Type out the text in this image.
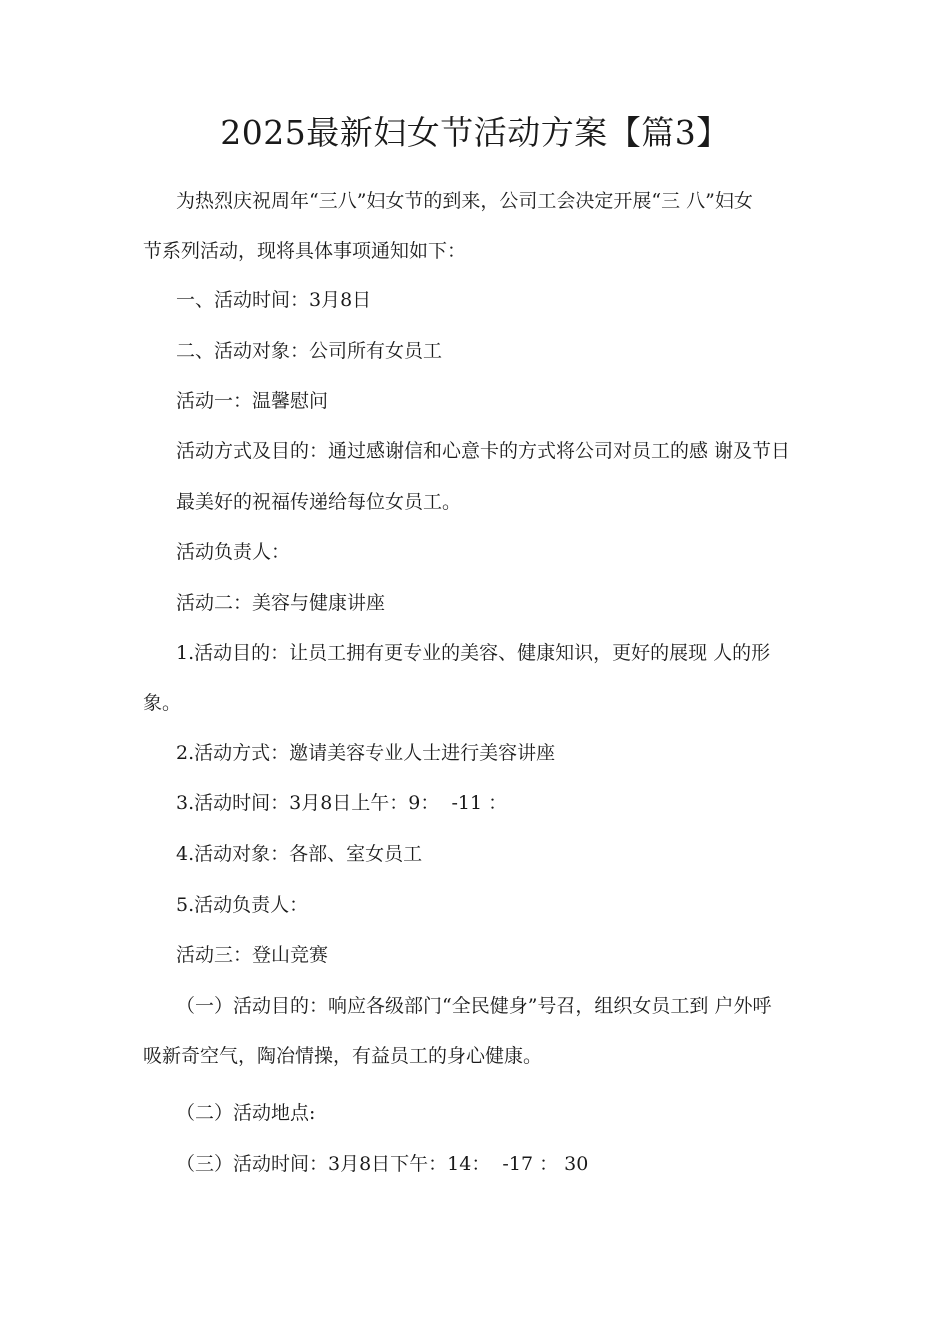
2025最新妇女节活动方案【篇3】
为热烈庆祝周年“三八”妇女节的到来，公司工会决定开展“三 八”妇女
节系列活动，现将具体事项通知如下：
一、活动时间：3月8日
二、活动对象：公司所有女员工
活动一：温馨慰问
活动方式及目的：通过感谢信和心意卡的方式将公司对员工的感 谢及节日
最美好的祝福传递给每位女员工。
活动负责人：
活动二：美容与健康讲座
1.活动目的：让员工拥有更专业的美容、健康知识，更好的展现 人的形
象。
2.活动方式：邀请美容专业人士进行美容讲座
3.活动时间：3月8日上午：9：  -11 ：
4.活动对象：各部、室女员工
5.活动负责人：
活动三：登山竞赛
（一）活动目的：响应各级部门“全民健身”号召，组织女员工到 户外呼
吸新奇空气，陶冶情操，有益员工的身心健康。
（二）活动地点:
（三）活动时间：3月8日下午：14：  -17 ： 30
